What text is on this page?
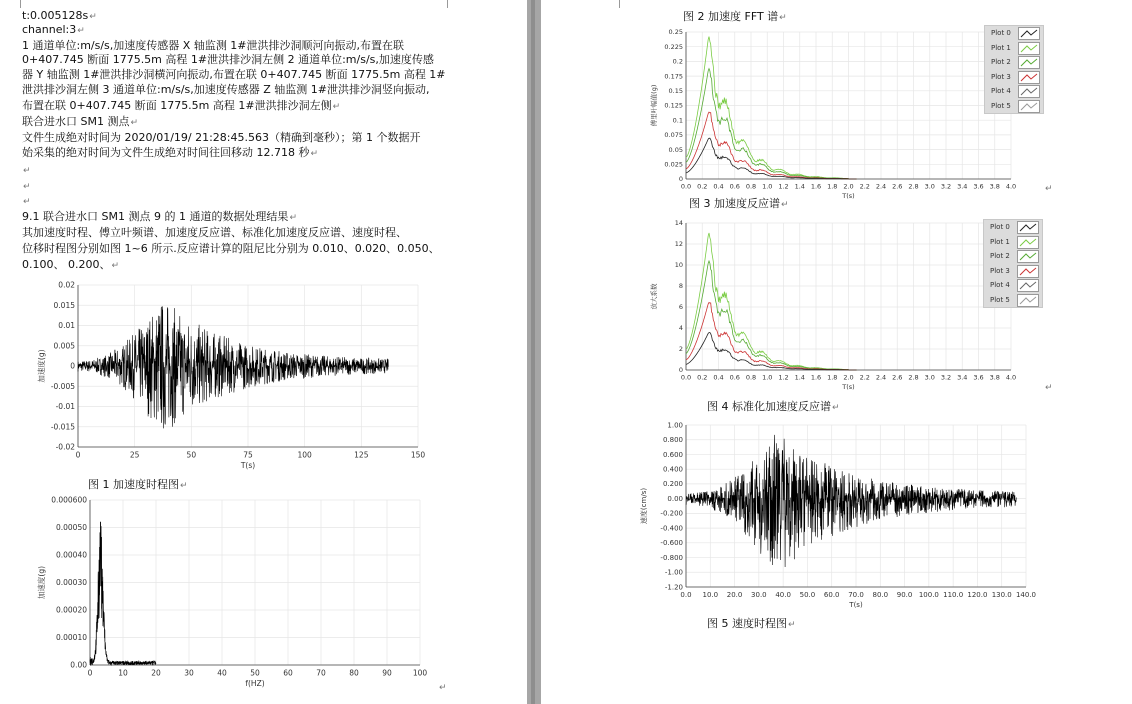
t:0.005128s↵
channel:3↵
1 通道单位:m/s/s,加速度传感器 X 轴监测 1#泄洪排沙洞顺河向振动,布置在联
0+407.745 断面 1775.5m 高程 1#泄洪排沙洞左侧 2 通道单位:m/s/s,加速度传感
器 Y 轴监测 1#泄洪排沙洞横河向振动,布置在联 0+407.745 断面 1775.5m 高程 1#
泄洪排沙洞左侧 3 通道单位:m/s/s,加速度传感器 Z 轴监测 1#泄洪排沙洞竖向振动,
布置在联 0+407.745 断面 1775.5m 高程 1#泄洪排沙洞左侧↵
联合进水口 SM1 测点↵
文件生成绝对时间为 2020/01/19/ 21:28:45.563（精确到毫秒）；第 1 个数据开
始采集的绝对时间为文件生成绝对时间往回移动 12.718 秒↵
↵
↵
↵
9.1 联合进水口 SM1 测点 9 的 1 通道的数据处理结果↵
其加速度时程、傅立叶频谱、加速度反应谱、标准化加速度反应谱、速度时程、
位移时程图分别如图 1~6 所示.反应谱计算的阻尼比分别为 0.010、0.020、0.050、
0.100、 0.200、↵
0	25	50	75	100	125	150
-0.02
-0.015
-0.01
-0.005
0
0.005
0.01
0.015
0.02
T(s)
加速度(g)
图 1 加速度时程图↵
0	10	20	30	40	50	60	70	80	90	100
0.00
0.00010
0.00020
0.00030
0.00040
0.00050
0.000600
f(HZ)
加速度(g)
↵
图 2 加速度 FFT 谱↵
0.0 0.2 0.4 0.6 0.8 1.0 1.2 1.4 1.6 1.8 2.0 2.2 2.4 2.6 2.8 3.0 3.2 3.4 3.6 3.8 4.0
0
0.025
0.05
0.075
0.1
0.125
0.15
0.175
0.2
0.225
0.25
T(s)
傅里叶幅值(g)
Plot 0
Plot 1
Plot 2
Plot 3
Plot 4
Plot 5
↵
图 3 加速度反应谱↵
0.0 0.2 0.4 0.6 0.8 1.0 1.2 1.4 1.6 1.8 2.0 2.2 2.4 2.6 2.8 3.0 3.2 3.4 3.6 3.8 4.0
0
2
4
6
8
10
12
14
T(s)
放大系数
Plot 0
Plot 1
Plot 2
Plot 3
Plot 4
Plot 5
↵
图 4 标准化加速度反应谱↵
0.0 10.0 20.0 30.0 40.0 50.0 60.0 70.0 80.0 90.0 100.0 110.0 120.0 130.0 140.0
-1.20
-1.00
-0.800
-0.600
-0.400
-0.200
0.00
0.200
0.400
0.600
0.800
1.00
T(s)
速度(cm/s)
图 5 速度时程图↵
